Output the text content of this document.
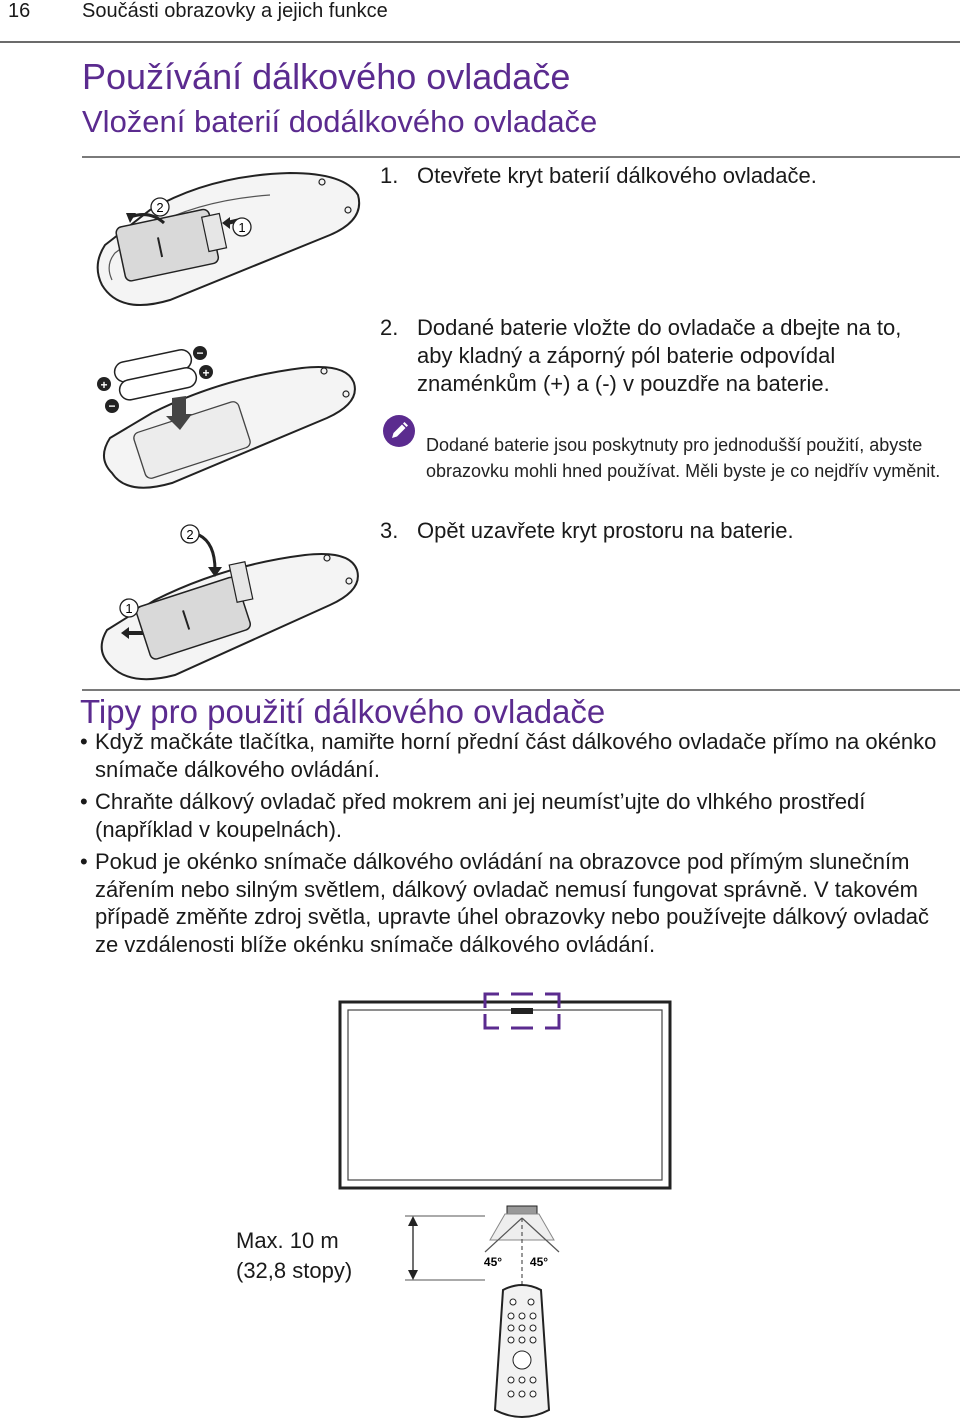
16	Součásti obrazovky a jejich funkce
Používání dálkového ovladače
Vložení baterií dodálkového ovladače
1. Otevřete kryt baterií dálkového ovladače.
2. Dodané baterie vložte do ovladače a dbejte na to, aby kladný a záporný pól baterie odpovídal znaménkům (+) a (-) v pouzdře na baterie.
Dodané baterie jsou poskytnuty pro jednodušší použití, abyste obrazovku mohli hned používat. Měli byste je co nejdřív vyměnit.
3. Opět uzavřete kryt prostoru na baterie.
2
1
+
−
−
+
2
1
Tipy pro použití dálkového ovladače
• Když mačkáte tlačítka, namiřte horní přední část dálkového ovladače přímo na okénko snímače dálkového ovládání.
• Chraňte dálkový ovladač před mokrem ani jej neumíst’ujte do vlhkého prostředí (například v koupelnách).
• Pokud je okénko snímače dálkového ovládání na obrazovce pod přímým slunečním zářením nebo silným světlem, dálkový ovladač nemusí fungovat správně. V takovém případě změňte zdroj světla, upravte úhel obrazovky nebo používejte dálkový ovladač ze vzdálenosti blíže okénku snímače dálkového ovládání.
45° 45°
Max. 10 m
(32,8 stopy)
